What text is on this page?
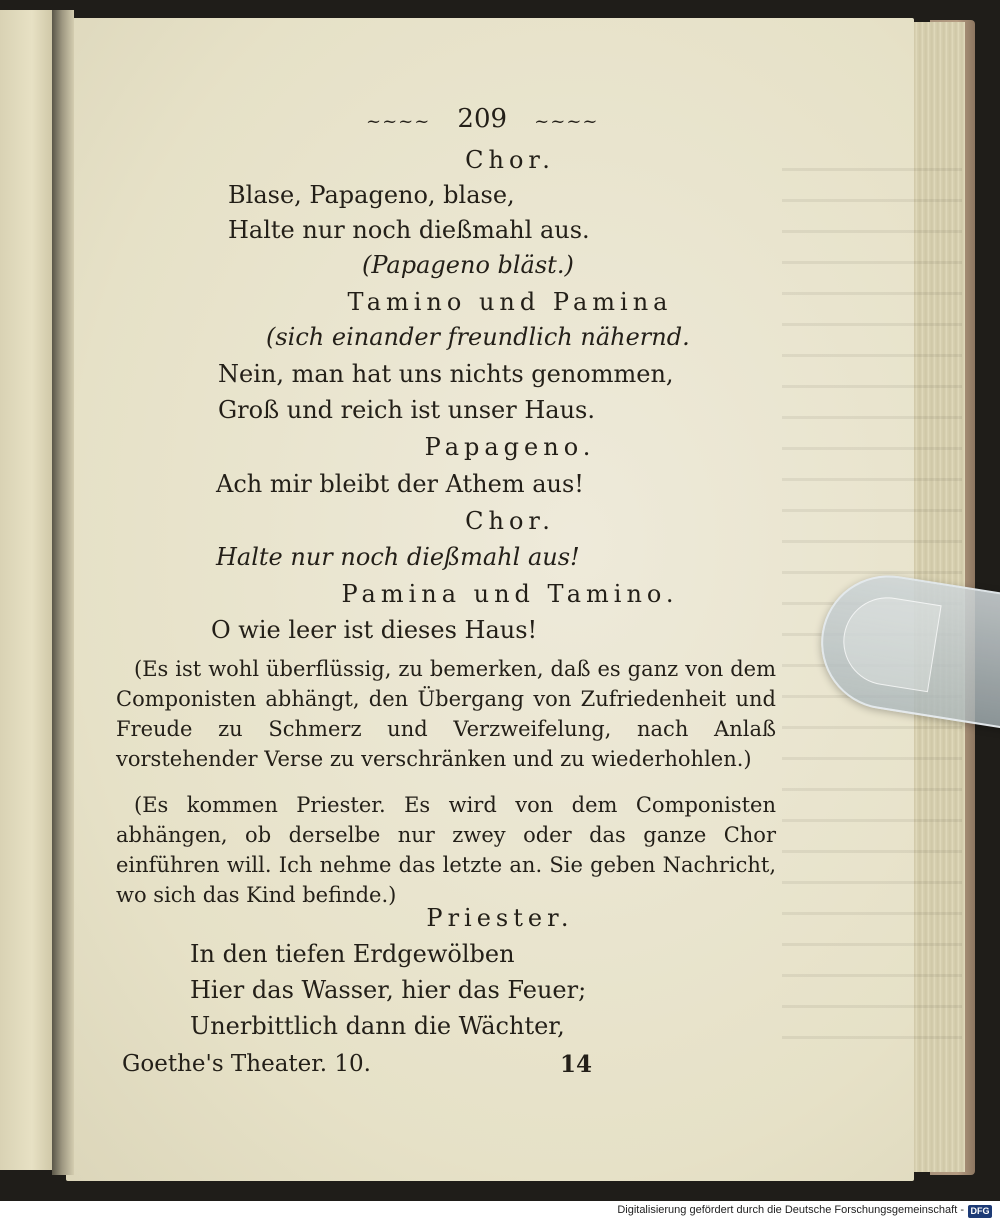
~~~~ 209 ~~~~
Chor.
Blase, Papageno, blase,
Halte nur noch dießmahl aus.
(Papageno bläst.)
Tamino und Pamina
(sich einander freundlich nähernd.
Nein, man hat uns nichts genommen,
Groß und reich ist unser Haus.
Papageno.
Ach mir bleibt der Athem aus!
Chor.
Halte nur noch dießmahl aus!
Pamina und Tamino.
O wie leer ist dieses Haus!
(Es ist wohl überflüssig, zu bemerken, daß es ganz von dem Componisten abhängt, den Übergang von Zufriedenheit und Freude zu Schmerz und Verzweifelung, nach Anlaß vorstehender Verse zu verschränken und zu wiederhohlen.)
(Es kommen Priester. Es wird von dem Componisten abhängen, ob derselbe nur zwey oder das ganze Chor einführen will. Ich nehme das letzte an. Sie geben Nachricht, wo sich das Kind befinde.)
Priester.
In den tiefen Erdgewölben
Hier das Wasser, hier das Feuer;
Unerbittlich dann die Wächter,
Goethe's Theater. 10.	14
Digitalisierung gefördert durch die Deutsche Forschungsgemeinschaft - DFG
